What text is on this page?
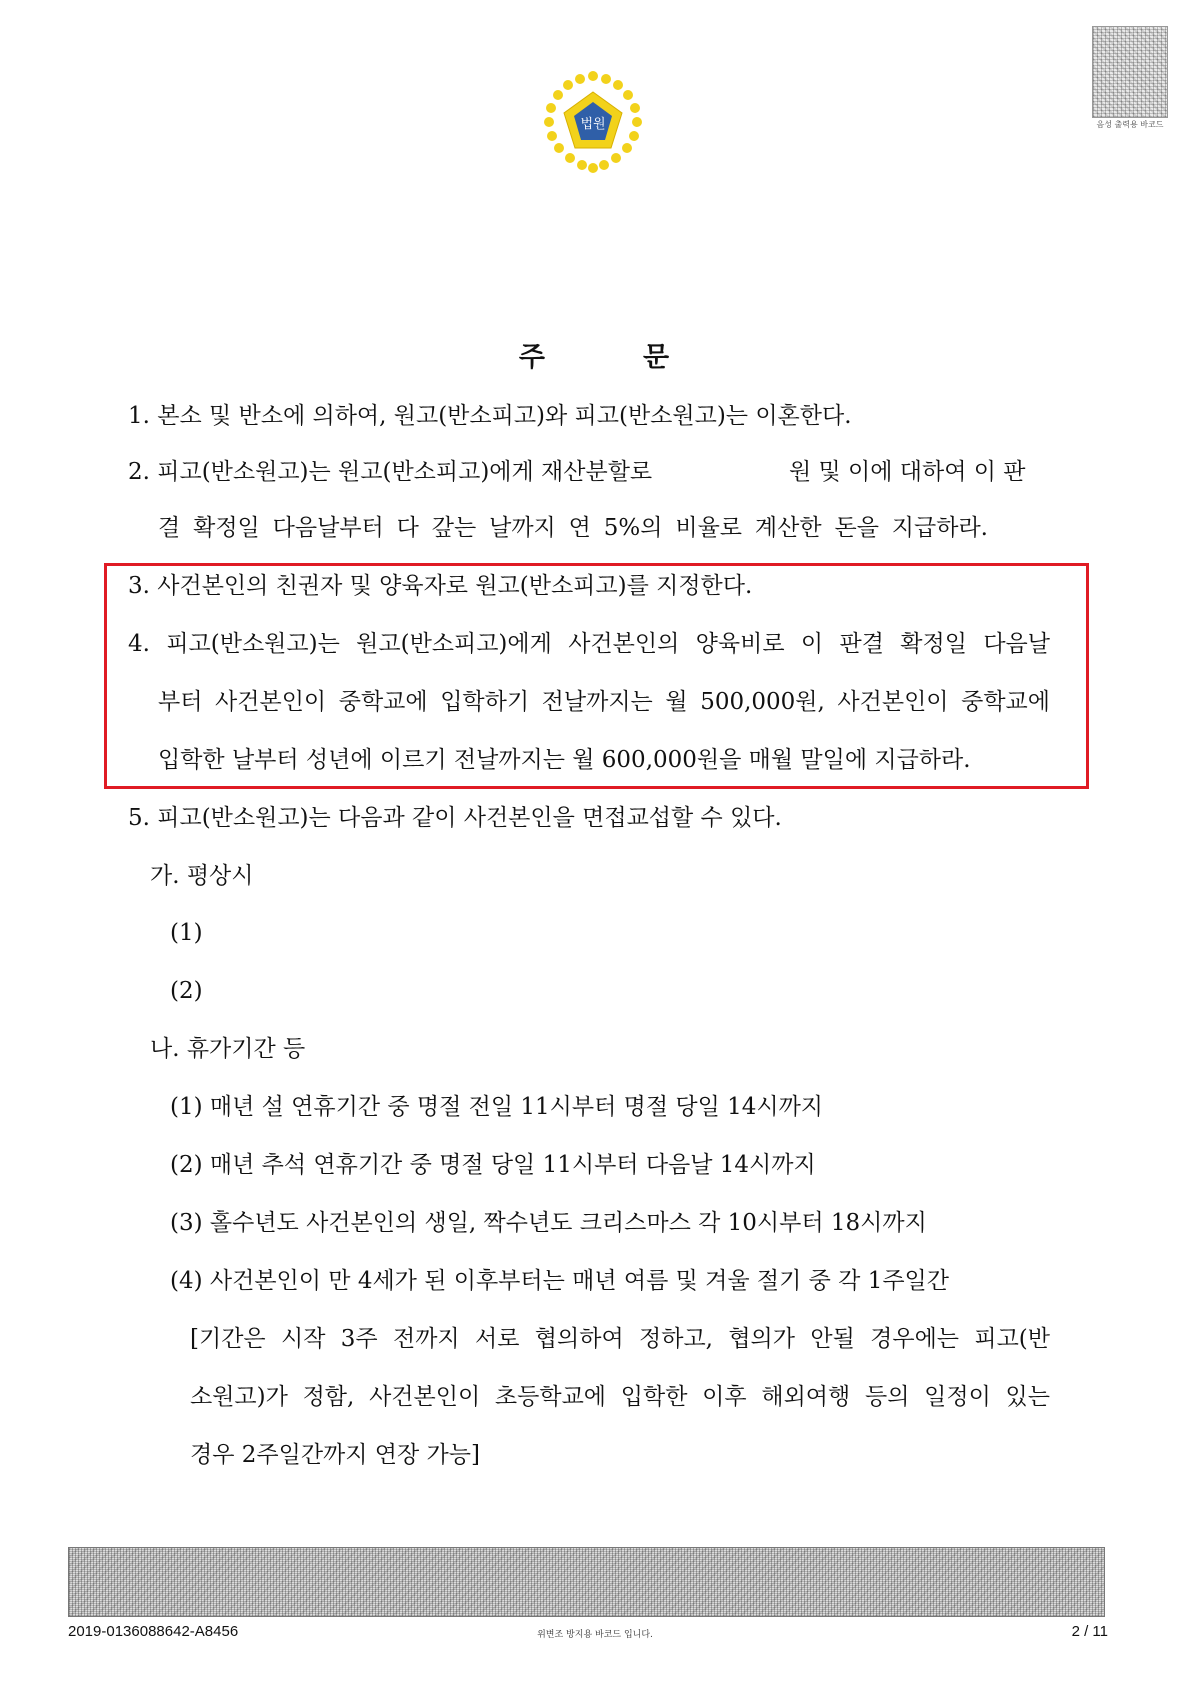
법원	음성 출력용 바코드
주	문
1. 본소 및 반소에 의하여, 원고(반소피고)와 피고(반소원고)는 이혼한다.
2. 피고(반소원고)는 원고(반소피고)에게 재산분할로	원 및 이에 대하여 이 판
결 확정일 다음날부터 다 갚는 날까지 연 5%의 비율로 계산한 돈을 지급하라.
3. 사건본인의 친권자 및 양육자로 원고(반소피고)를 지정한다.
4. 피고(반소원고)는 원고(반소피고)에게 사건본인의 양육비로 이 판결 확정일 다음날
부터 사건본인이 중학교에 입학하기 전날까지는 월 500,000원, 사건본인이 중학교에
입학한 날부터 성년에 이르기 전날까지는 월 600,000원을 매월 말일에 지급하라.
5. 피고(반소원고)는 다음과 같이 사건본인을 면접교섭할 수 있다.
가. 평상시
(1)
(2)
나. 휴가기간 등
(1) 매년 설 연휴기간 중 명절 전일 11시부터 명절 당일 14시까지
(2) 매년 추석 연휴기간 중 명절 당일 11시부터 다음날 14시까지
(3) 홀수년도 사건본인의 생일, 짝수년도 크리스마스 각 10시부터 18시까지
(4) 사건본인이 만 4세가 된 이후부터는 매년 여름 및 겨울 절기 중 각 1주일간
[기간은 시작 3주 전까지 서로 협의하여 정하고, 협의가 안될 경우에는 피고(반
소원고)가 정함, 사건본인이 초등학교에 입학한 이후 해외여행 등의 일정이 있는
경우 2주일간까지 연장 가능]
2019-0136088642-A8456	위변조 방지용 바코드 입니다.	2 / 11
